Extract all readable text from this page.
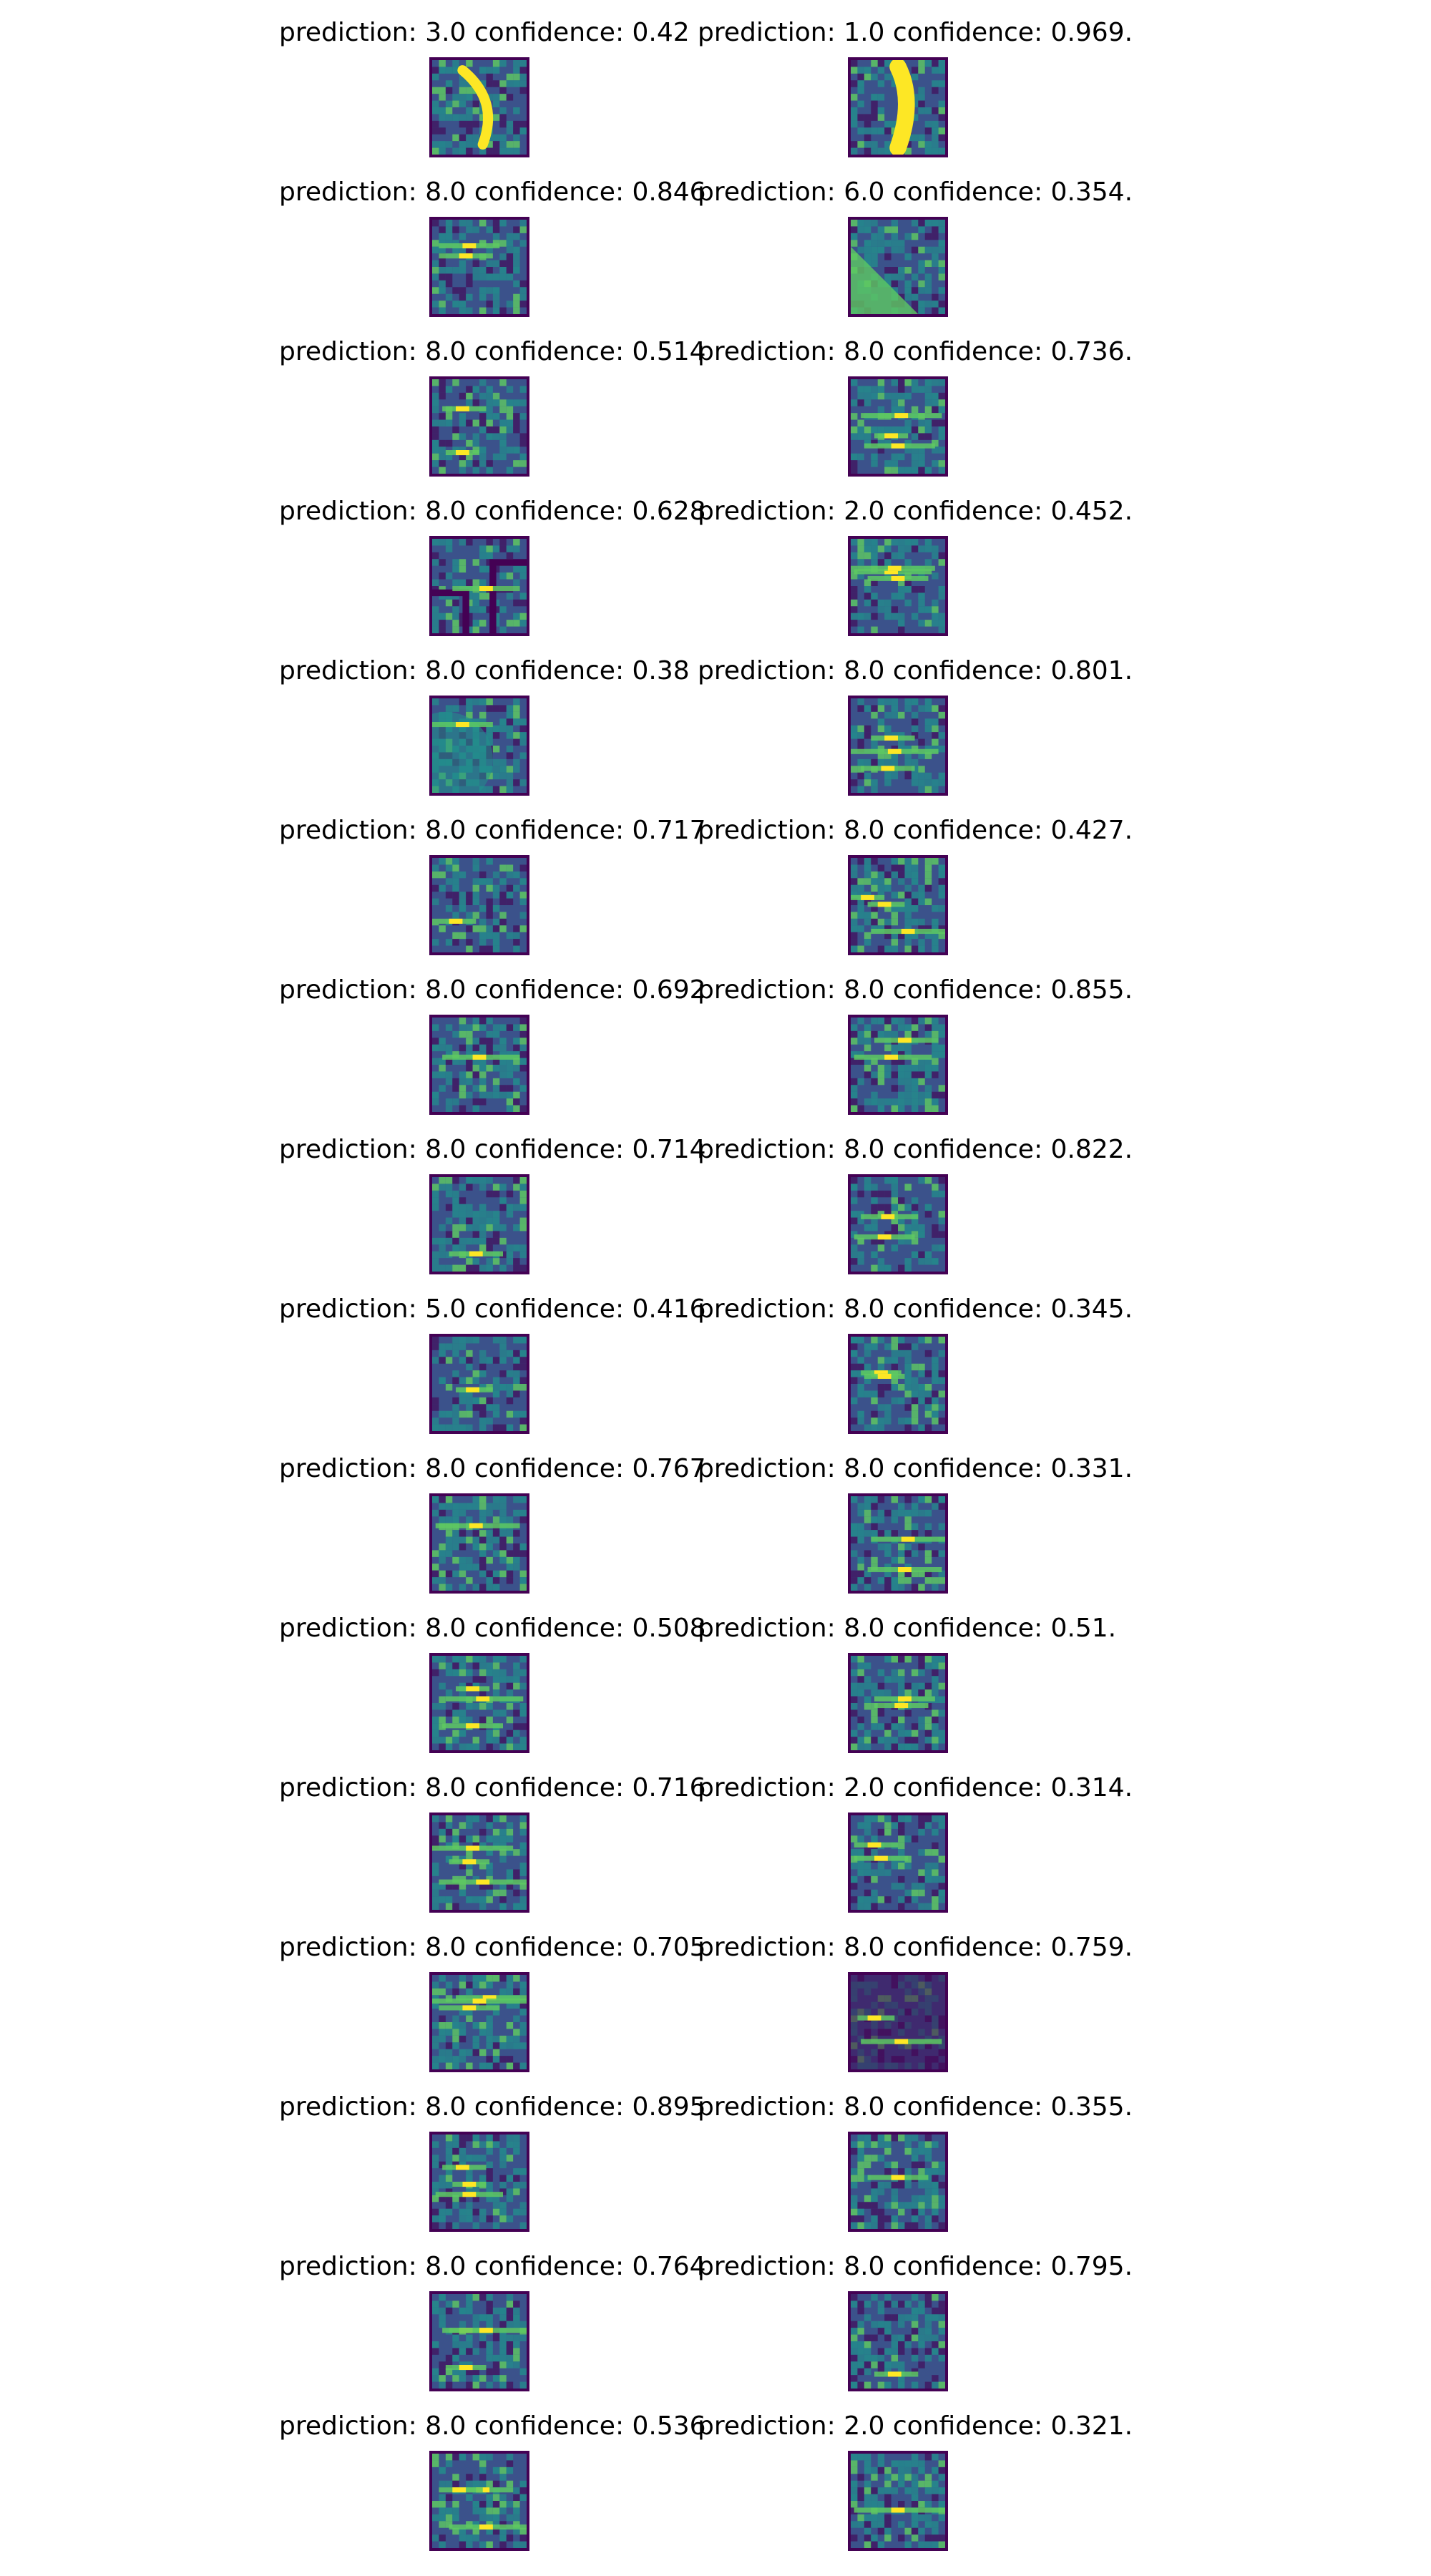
prediction: 3.0 confidence: 0.42 prediction: 1.0 confidence: 0.969.
prediction: 8.0 confidence: 0.846
prediction: 6.0 confidence: 0.354.
prediction: 8.0 confidence: 0.514
prediction: 8.0 confidence: 0.736.
prediction: 8.0 confidence: 0.628
prediction: 2.0 confidence: 0.452.
prediction: 8.0 confidence: 0.38 prediction: 8.0 confidence: 0.801.
prediction: 8.0 confidence: 0.717
prediction: 8.0 confidence: 0.427.
prediction: 8.0 confidence: 0.692
prediction: 8.0 confidence: 0.855.
prediction: 8.0 confidence: 0.714
prediction: 8.0 confidence: 0.822.
prediction: 5.0 confidence: 0.416
prediction: 8.0 confidence: 0.345.
prediction: 8.0 confidence: 0.767
prediction: 8.0 confidence: 0.331.
prediction: 8.0 confidence: 0.508
prediction: 8.0 confidence: 0.51.
prediction: 8.0 confidence: 0.716
prediction: 2.0 confidence: 0.314.
prediction: 8.0 confidence: 0.705
prediction: 8.0 confidence: 0.759.
prediction: 8.0 confidence: 0.895
prediction: 8.0 confidence: 0.355.
prediction: 8.0 confidence: 0.764
prediction: 8.0 confidence: 0.795.
prediction: 8.0 confidence: 0.536
prediction: 2.0 confidence: 0.321.
